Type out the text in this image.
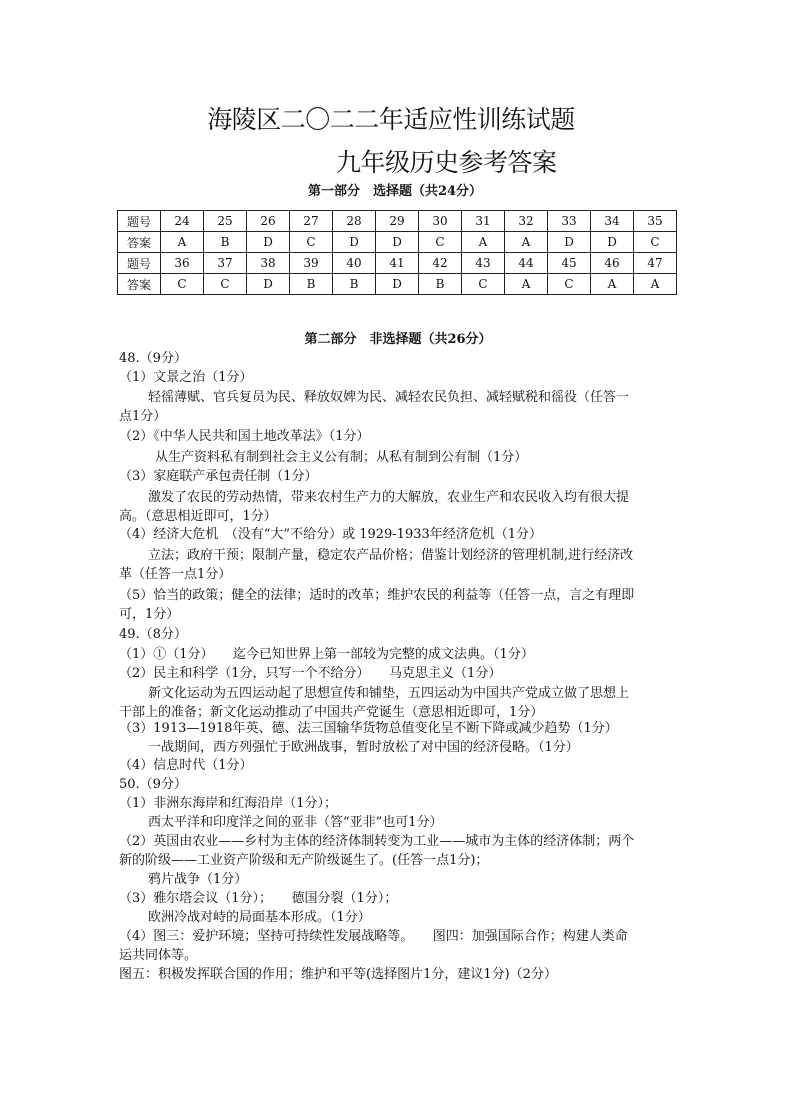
海陵区二〇二二年适应性训练试题
九年级历史参考答案
第一部分　选择题（共24分）
题号	24	25	26	27	28	29	30	31	32	33	34	35
答案	A	B	D	C	D	D	C	A	A	D	D	C
题号	36	37	38	39	40	41	42	43	44	45	46	47
答案	C	C	D	B	B	D	B	C	A	C	A	A
第二部分　非选择题（共26分）
48.（9分）
（1）文景之治（1分）
轻徭薄赋、官兵复员为民、释放奴婢为民、减轻农民负担、减轻赋税和徭役（任答一
点1分）
（2）《中华人民共和国土地改革法》（1分）
从生产资料私有制到社会主义公有制；从私有制到公有制（1分）
（3）家庭联产承包责任制（1分）
激发了农民的劳动热情，带来农村生产力的大解放，农业生产和农民收入均有很大提
高。（意思相近即可，1分）
（4）经济大危机　（没有“大”不给分）或 1929-1933年经济危机（1分）
立法；政府干预；限制产量，稳定农产品价格；借鉴计划经济的管理机制,进行经济改
革（任答一点1分）
（5）恰当的政策；健全的法律；适时的改革；维护农民的利益等（任答一点，言之有理即
可，1分）
49.（8分）
（1）①（1分）　　迄今已知世界上第一部较为完整的成文法典。（1分）
（2）民主和科学（1分，只写一个不给分）　　马克思主义（1分）
新文化运动为五四运动起了思想宣传和铺垫，五四运动为中国共产党成立做了思想上
干部上的准备；新文化运动推动了中国共产党诞生（意思相近即可，1分）
（3）1913—1918年英、德、法三国输华货物总值变化呈不断下降或减少趋势（1分）
一战期间，西方列强忙于欧洲战事，暂时放松了对中国的经济侵略。（1分）
（4）信息时代（1分）
50.（9分）
（1）非洲东海岸和红海沿岸（1分）；
西太平洋和印度洋之间的亚非（答“亚非”也可1分）
（2）英国由农业——乡村为主体的经济体制转变为工业——城市为主体的经济体制；两个
新的阶级——工业资产阶级和无产阶级诞生了。(任答一点1分)；
鸦片战争（1分）
（3）雅尔塔会议（1分）；　　德国分裂（1分）；
欧洲冷战对峙的局面基本形成。（1分）
（4）图三：爱护环境；坚持可持续性发展战略等。　　图四：加强国际合作；构建人类命
运共同体等。
图五：积极发挥联合国的作用；维护和平等(选择图片1分，建议1分)（2分）
